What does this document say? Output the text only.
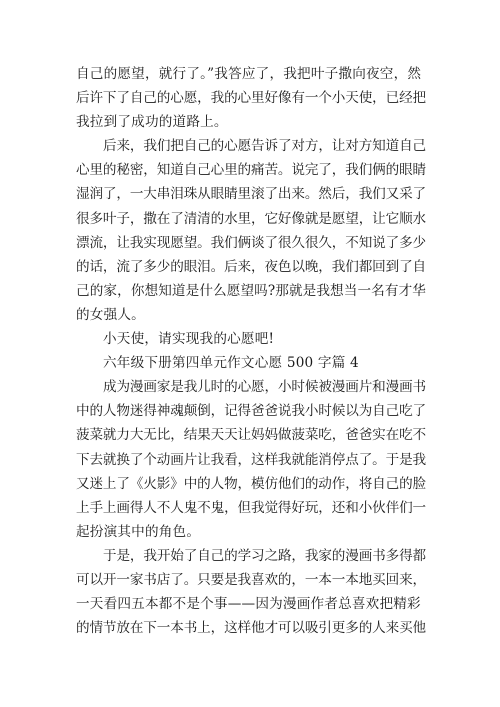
自己的愿望，就行了。”我答应了，我把叶子撒向夜空，然
后许下了自己的心愿，我的心里好像有一个小天使，已经把
我拉到了成功的道路上。
后来，我们把自己的心愿告诉了对方，让对方知道自己
心里的秘密，知道自己心里的痛苦。说完了，我们俩的眼睛
湿润了，一大串泪珠从眼睛里滚了出来。然后，我们又采了
很多叶子，撒在了清清的水里，它好像就是愿望，让它顺水
漂流，让我实现愿望。我们俩谈了很久很久，不知说了多少
的话，流了多少的眼泪。后来，夜色以晚，我们都回到了自
己的家，你想知道是什么愿望吗?那就是我想当一名有才华
的女强人。
小天使，请实现我的心愿吧!
六年级下册第四单元作文心愿 500 字篇 4
成为漫画家是我儿时的心愿，小时候被漫画片和漫画书
中的人物迷得神魂颠倒，记得爸爸说我小时候以为自己吃了
菠菜就力大无比，结果天天让妈妈做菠菜吃，爸爸实在吃不
下去就换了个动画片让我看，这样我就能消停点了。于是我
又迷上了《火影》中的人物，模仿他们的动作，将自己的脸
上手上画得人不人鬼不鬼，但我觉得好玩，还和小伙伴们一
起扮演其中的角色。
于是，我开始了自己的学习之路，我家的漫画书多得都
可以开一家书店了。只要是我喜欢的，一本一本地买回来，
一天看四五本都不是个事——因为漫画作者总喜欢把精彩
的情节放在下一本书上，这样他才可以吸引更多的人来买他
